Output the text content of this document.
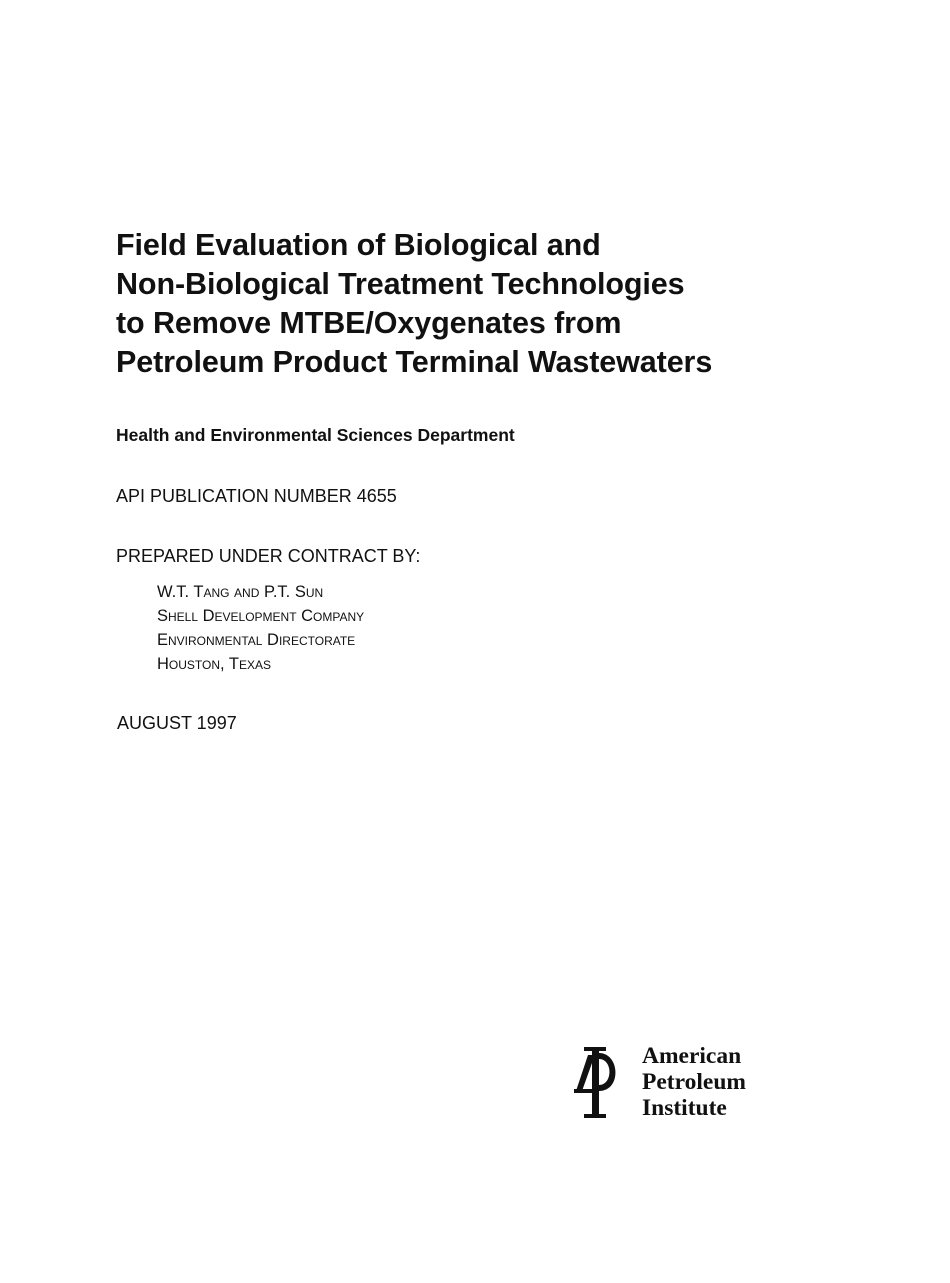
Field Evaluation of Biological and
Non-Biological Treatment Technologies
to Remove MTBE/Oxygenates from
Petroleum Product Terminal Wastewaters
Health and Environmental Sciences Department
API PUBLICATION NUMBER 4655
PREPARED UNDER CONTRACT BY:
W.T. Tang and P.T. Sun
Shell Development Company
Environmental Directorate
Houston, Texas
AUGUST 1997
American
Petroleum
Institute
